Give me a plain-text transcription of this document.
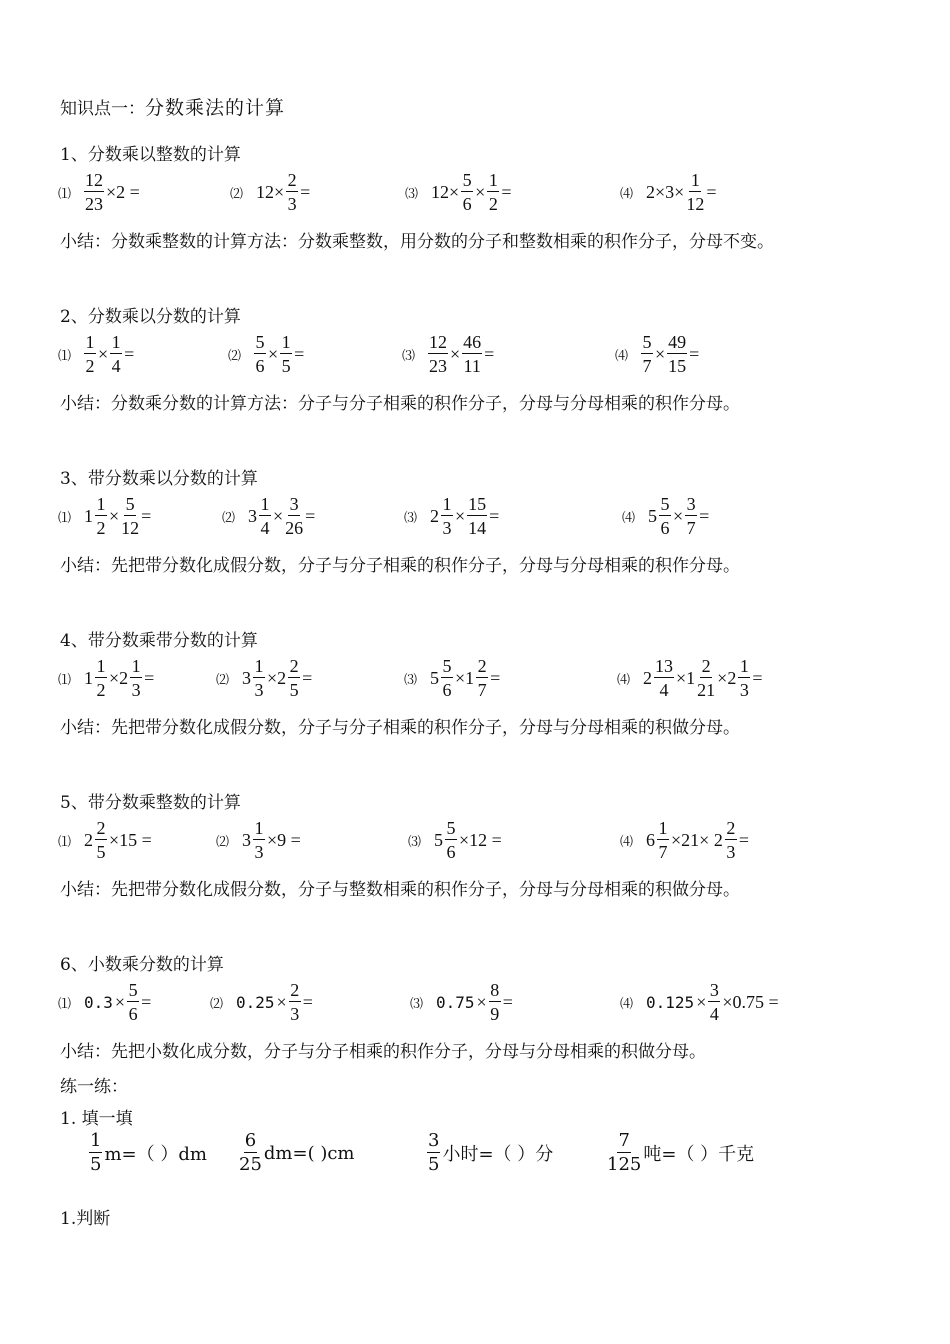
知识点一：分数乘法的计算
1、分数乘以整数的计算
⑴ $\frac{12}{23} \times 2$ =	⑵ $12\times \frac{2}{3}$ =	⑶ $12\times \frac{5}{6} \times \frac{1}{2}$ =	⑷ $2\times 3\times \frac{1}{12}$ =
小结：分数乘整数的计算方法：分数乘整数，用分数的分子和整数相乘的积作分子，分母不变。
2、分数乘以分数的计算
⑴ $\frac{1}{2} \times \frac{1}{4}$ =	⑵ $\frac{5}{6} \times \frac{1}{5}$ =	⑶ $\frac{12}{23} \times \frac{46}{11}$ =	⑷ $\frac{5}{7} \times \frac{49}{15}$ =
小结：分数乘分数的计算方法：分子与分子相乘的积作分子，分母与分母相乘的积作分母。
3、带分数乘以分数的计算
⑴ $1 \frac{1}{2} \times \frac{5}{12}$ =	⑵ $3 \frac{1}{4} \times \frac{3}{26}$ =	⑶ $2 \frac{1}{3} \times \frac{15}{14}$ =	⑷ $5 \frac{5}{6} \times \frac{3}{7}$ =
小结：先把带分数化成假分数，分子与分子相乘的积作分子，分母与分母相乘的积作分母。
4、带分数乘带分数的计算
⑴ $1 \frac{1}{2} \times 2 \frac{1}{3}$ =	⑵ $3 \frac{1}{3} \times 2 \frac{2}{5}$ =	⑶ $5 \frac{5}{6} \times 1 \frac{2}{7}$ =	⑷ $2 \frac{13}{4} \times 1 \frac{2}{21} \times 2 \frac{1}{3}$ =
小结：先把带分数化成假分数，分子与分子相乘的积作分子，分母与分母相乘的积做分母。
5、带分数乘整数的计算
⑴ $2 \frac{2}{5} \times 15$ =	⑵ $3 \frac{1}{3} \times 9$ =	⑶ $5 \frac{5}{6} \times 12$ =	⑷ $6 \frac{1}{7} \times 21\times 2 \frac{2}{3}$ =
小结：先把带分数化成假分数，分子与整数相乘的积作分子，分母与分母相乘的积做分母。
6、小数乘分数的计算
⑴ $0.3 \times \frac{5}{6}$ =	⑵ $0.25 \times \frac{2}{3}$ =	⑶ $0.75 \times \frac{8}{9}$ =	⑷ $0.125 \times \frac{3}{4} \times 0.75$ =
小结：先把小数化成分数，分子与分子相乘的积作分子，分母与分母相乘的积做分母。
练一练：
1. 填一填
$\frac{1}{5} m=$（ ）$dm \frac{6}{25} dm=$( )cm	$\frac{3}{5}$ 小时=（ ）分	$\frac{7}{125}$ 吨=（ ）千克
1.判断
